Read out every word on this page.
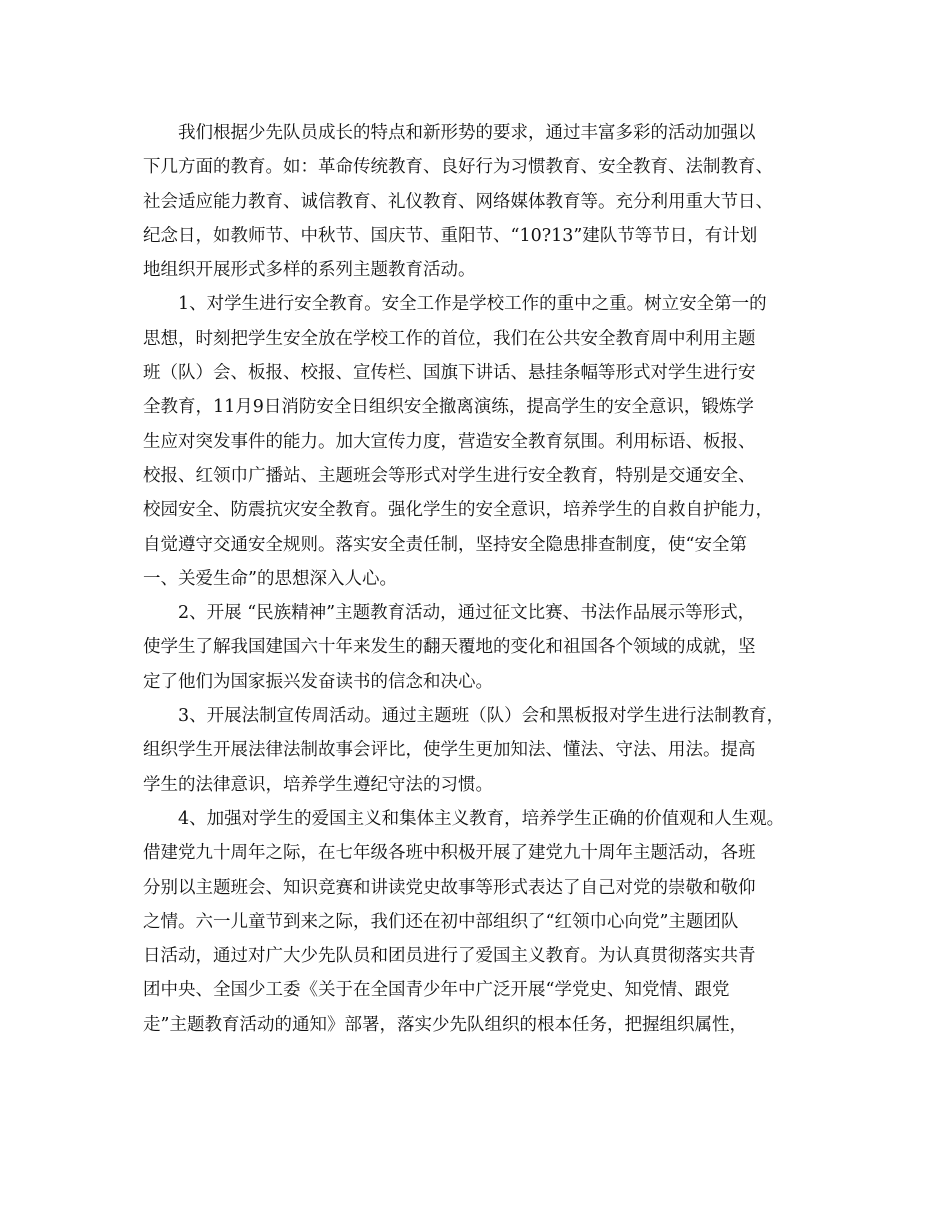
我们根据少先队员成长的特点和新形势的要求，通过丰富多彩的活动加强以
下几方面的教育。如：革命传统教育、良好行为习惯教育、安全教育、法制教育、
社会适应能力教育、诚信教育、礼仪教育、网络媒体教育等。充分利用重大节日、
纪念日，如教师节、中秋节、国庆节、重阳节、“10?13”建队节等节日，有计划
地组织开展形式多样的系列主题教育活动。
1、对学生进行安全教育。安全工作是学校工作的重中之重。树立安全第一的
思想，时刻把学生安全放在学校工作的首位，我们在公共安全教育周中利用主题
班（队）会、板报、校报、宣传栏、国旗下讲话、悬挂条幅等形式对学生进行安
全教育，11月9日消防安全日组织安全撤离演练，提高学生的安全意识，锻炼学
生应对突发事件的能力。加大宣传力度，营造安全教育氛围。利用标语、板报、
校报、红领巾广播站、主题班会等形式对学生进行安全教育，特别是交通安全、
校园安全、防震抗灾安全教育。强化学生的安全意识，培养学生的自救自护能力，
自觉遵守交通安全规则。落实安全责任制，坚持安全隐患排查制度，使“安全第
一、关爱生命”的思想深入人心。
2、开展 “民族精神”主题教育活动，通过征文比赛、书法作品展示等形式，
使学生了解我国建国六十年来发生的翻天覆地的变化和祖国各个领域的成就，坚
定了他们为国家振兴发奋读书的信念和决心。
3、开展法制宣传周活动。通过主题班（队）会和黑板报对学生进行法制教育，
组织学生开展法律法制故事会评比，使学生更加知法、懂法、守法、用法。提高
学生的法律意识，培养学生遵纪守法的习惯。
4、加强对学生的爱国主义和集体主义教育，培养学生正确的价值观和人生观。
借建党九十周年之际，在七年级各班中积极开展了建党九十周年主题活动，各班
分别以主题班会、知识竞赛和讲读党史故事等形式表达了自己对党的崇敬和敬仰
之情。六一儿童节到来之际，我们还在初中部组织了“红领巾心向党”主题团队
日活动，通过对广大少先队员和团员进行了爱国主义教育。为认真贯彻落实共青
团中央、全国少工委《关于在全国青少年中广泛开展“学党史、知党情、跟党
走”主题教育活动的通知》部署，落实少先队组织的根本任务，把握组织属性，
